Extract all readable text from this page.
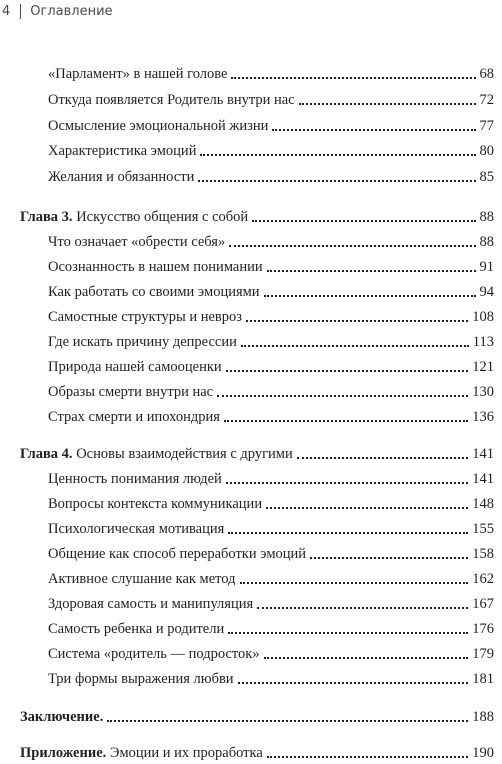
4 Оглавление
«Парламент» в нашей голове	68
Откуда появляется Родитель внутри нас	72
Осмысление эмоциональной жизни	77
Характеристика эмоций	80
Желания и обязанности	85
Глава 3. Искусство общения с собой	88
Что означает «обрести себя»	88
Осознанность в нашем понимании	91
Как работать со своими эмоциями	94
Самостные структуры и невроз	108
Где искать причину депрессии	113
Природа нашей самооценки	121
Образы смерти внутри нас	130
Страх смерти и ипохондрия	136
Глава 4. Основы взаимодействия с другими	141
Ценность понимания людей	141
Вопросы контекста коммуникации	148
Психологическая мотивация	155
Общение как способ переработки эмоций	158
Активное слушание как метод	162
Здоровая самость и манипуляция	167
Самость ребенка и родители	176
Система «родитель — подросток»	179
Три формы выражения любви	181
Заключение.	188
Приложение. Эмоции и их проработка	190
